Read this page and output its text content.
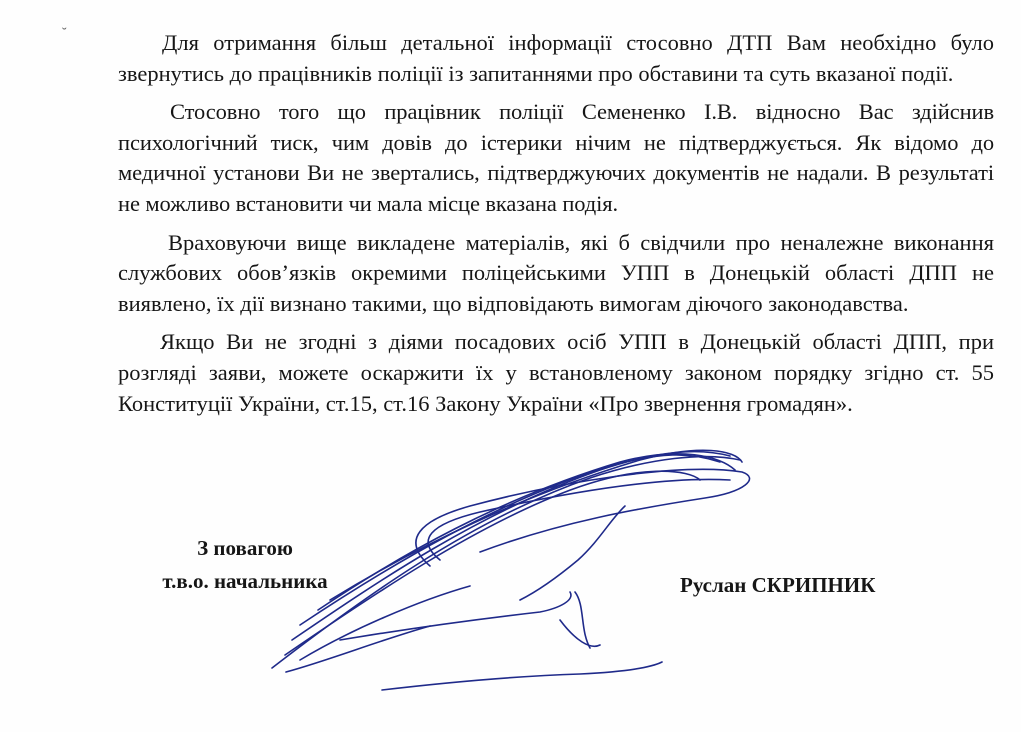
˘	Для отримання більш детальної інформації стосовно ДТП Вам необхідно було звернутись до працівників поліції із запитаннями про обставини та суть вказаної події.

Стосовно того що працівник поліції Семененко І.В. відносно Вас здійснив психологічний тиск, чим довів до істерики нічим не підтверджується. Як відомо до медичної установи Ви не звертались, підтверджуючих документів не надали. В результаті не можливо встановити чи мала місце вказана подія.

Враховуючи вище викладене матеріалів, які б свідчили про неналежне виконання службових обов’язків окремими поліцейськими УПП в Донецькій області ДПП не виявлено, їх дії визнано такими, що відповідають вимогам діючого законодавства.

Якщо Ви не згодні з діями посадових осіб УПП в Донецькій області ДПП, при розгляді заяви, можете оскаржити їх у встановленому законом порядку згідно ст. 55 Конституції України, ст.15, ст.16 Закону України «Про звернення громадян».

З повагою
т.в.о. начальника	Руслан СКРИПНИК
